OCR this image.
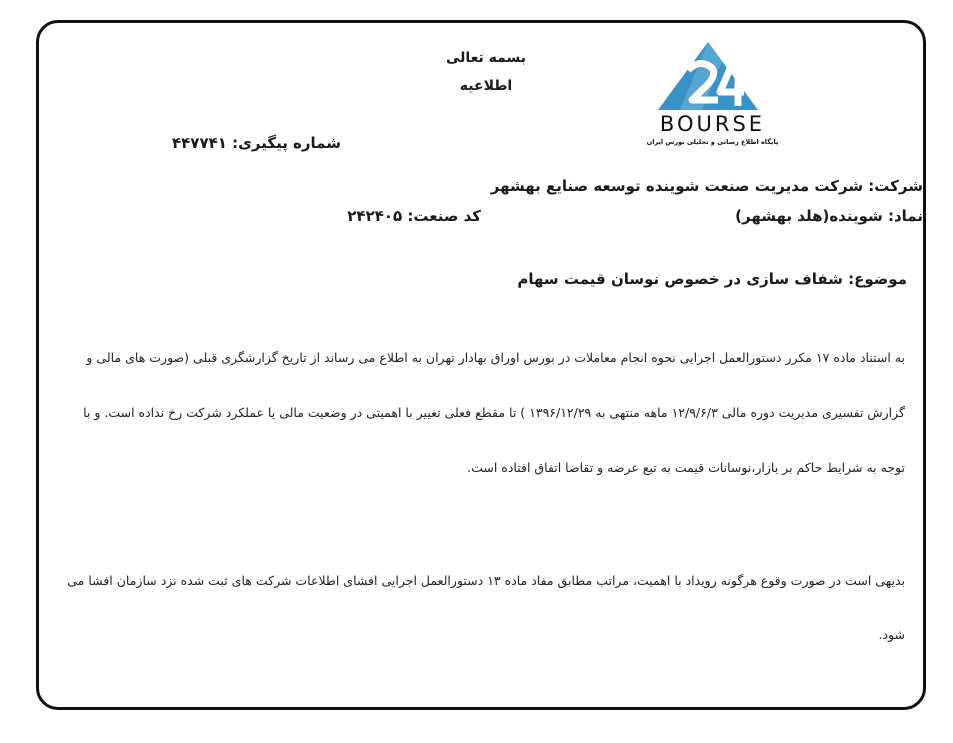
بسمه تعالی
اطلاعیه
BOURSE
پایگاه اطلاع رسانی و تحلیلی بورس ایران
شماره پیگیری: ۴۴۷۷۴۱
شرکت: شرکت مدیریت صنعت شوینده توسعه صنایع بهشهر
نماد: شوینده(هلد بهشهر)
کد صنعت: ۲۴۲۴۰۵
موضوع: شفاف سازی در خصوص نوسان قیمت سهام
به استناد ماده ۱۷ مکرر دستورالعمل اجرایی نحوه انجام معاملات در بورس اوراق بهادار تهران به اطلاع می رساند از تاریخ گزارشگری قبلی (صورت های مالی و
گزارش تفسیری مدیریت دوره مالی ۱۲/۹/۶/۳ ماهه منتهی به ۱۳۹۶/۱۲/۲۹ ) تا مقطع فعلی تغییر با اهمیتی در وضعیت مالی یا عملکرد شرکت رخ نداده است. و با
توجه به شرایط حاکم بر بازار،نوسانات قیمت به تبع عرضه و تقاضا اتفاق افتاده است.
بدیهی است در صورت وقوع هرگونه رویداد با اهمیت، مراتب مطابق مفاد ماده ۱۳ دستورالعمل اجرایی افشای اطلاعات شرکت های ثبت شده نزد سازمان افشا می
شود.
